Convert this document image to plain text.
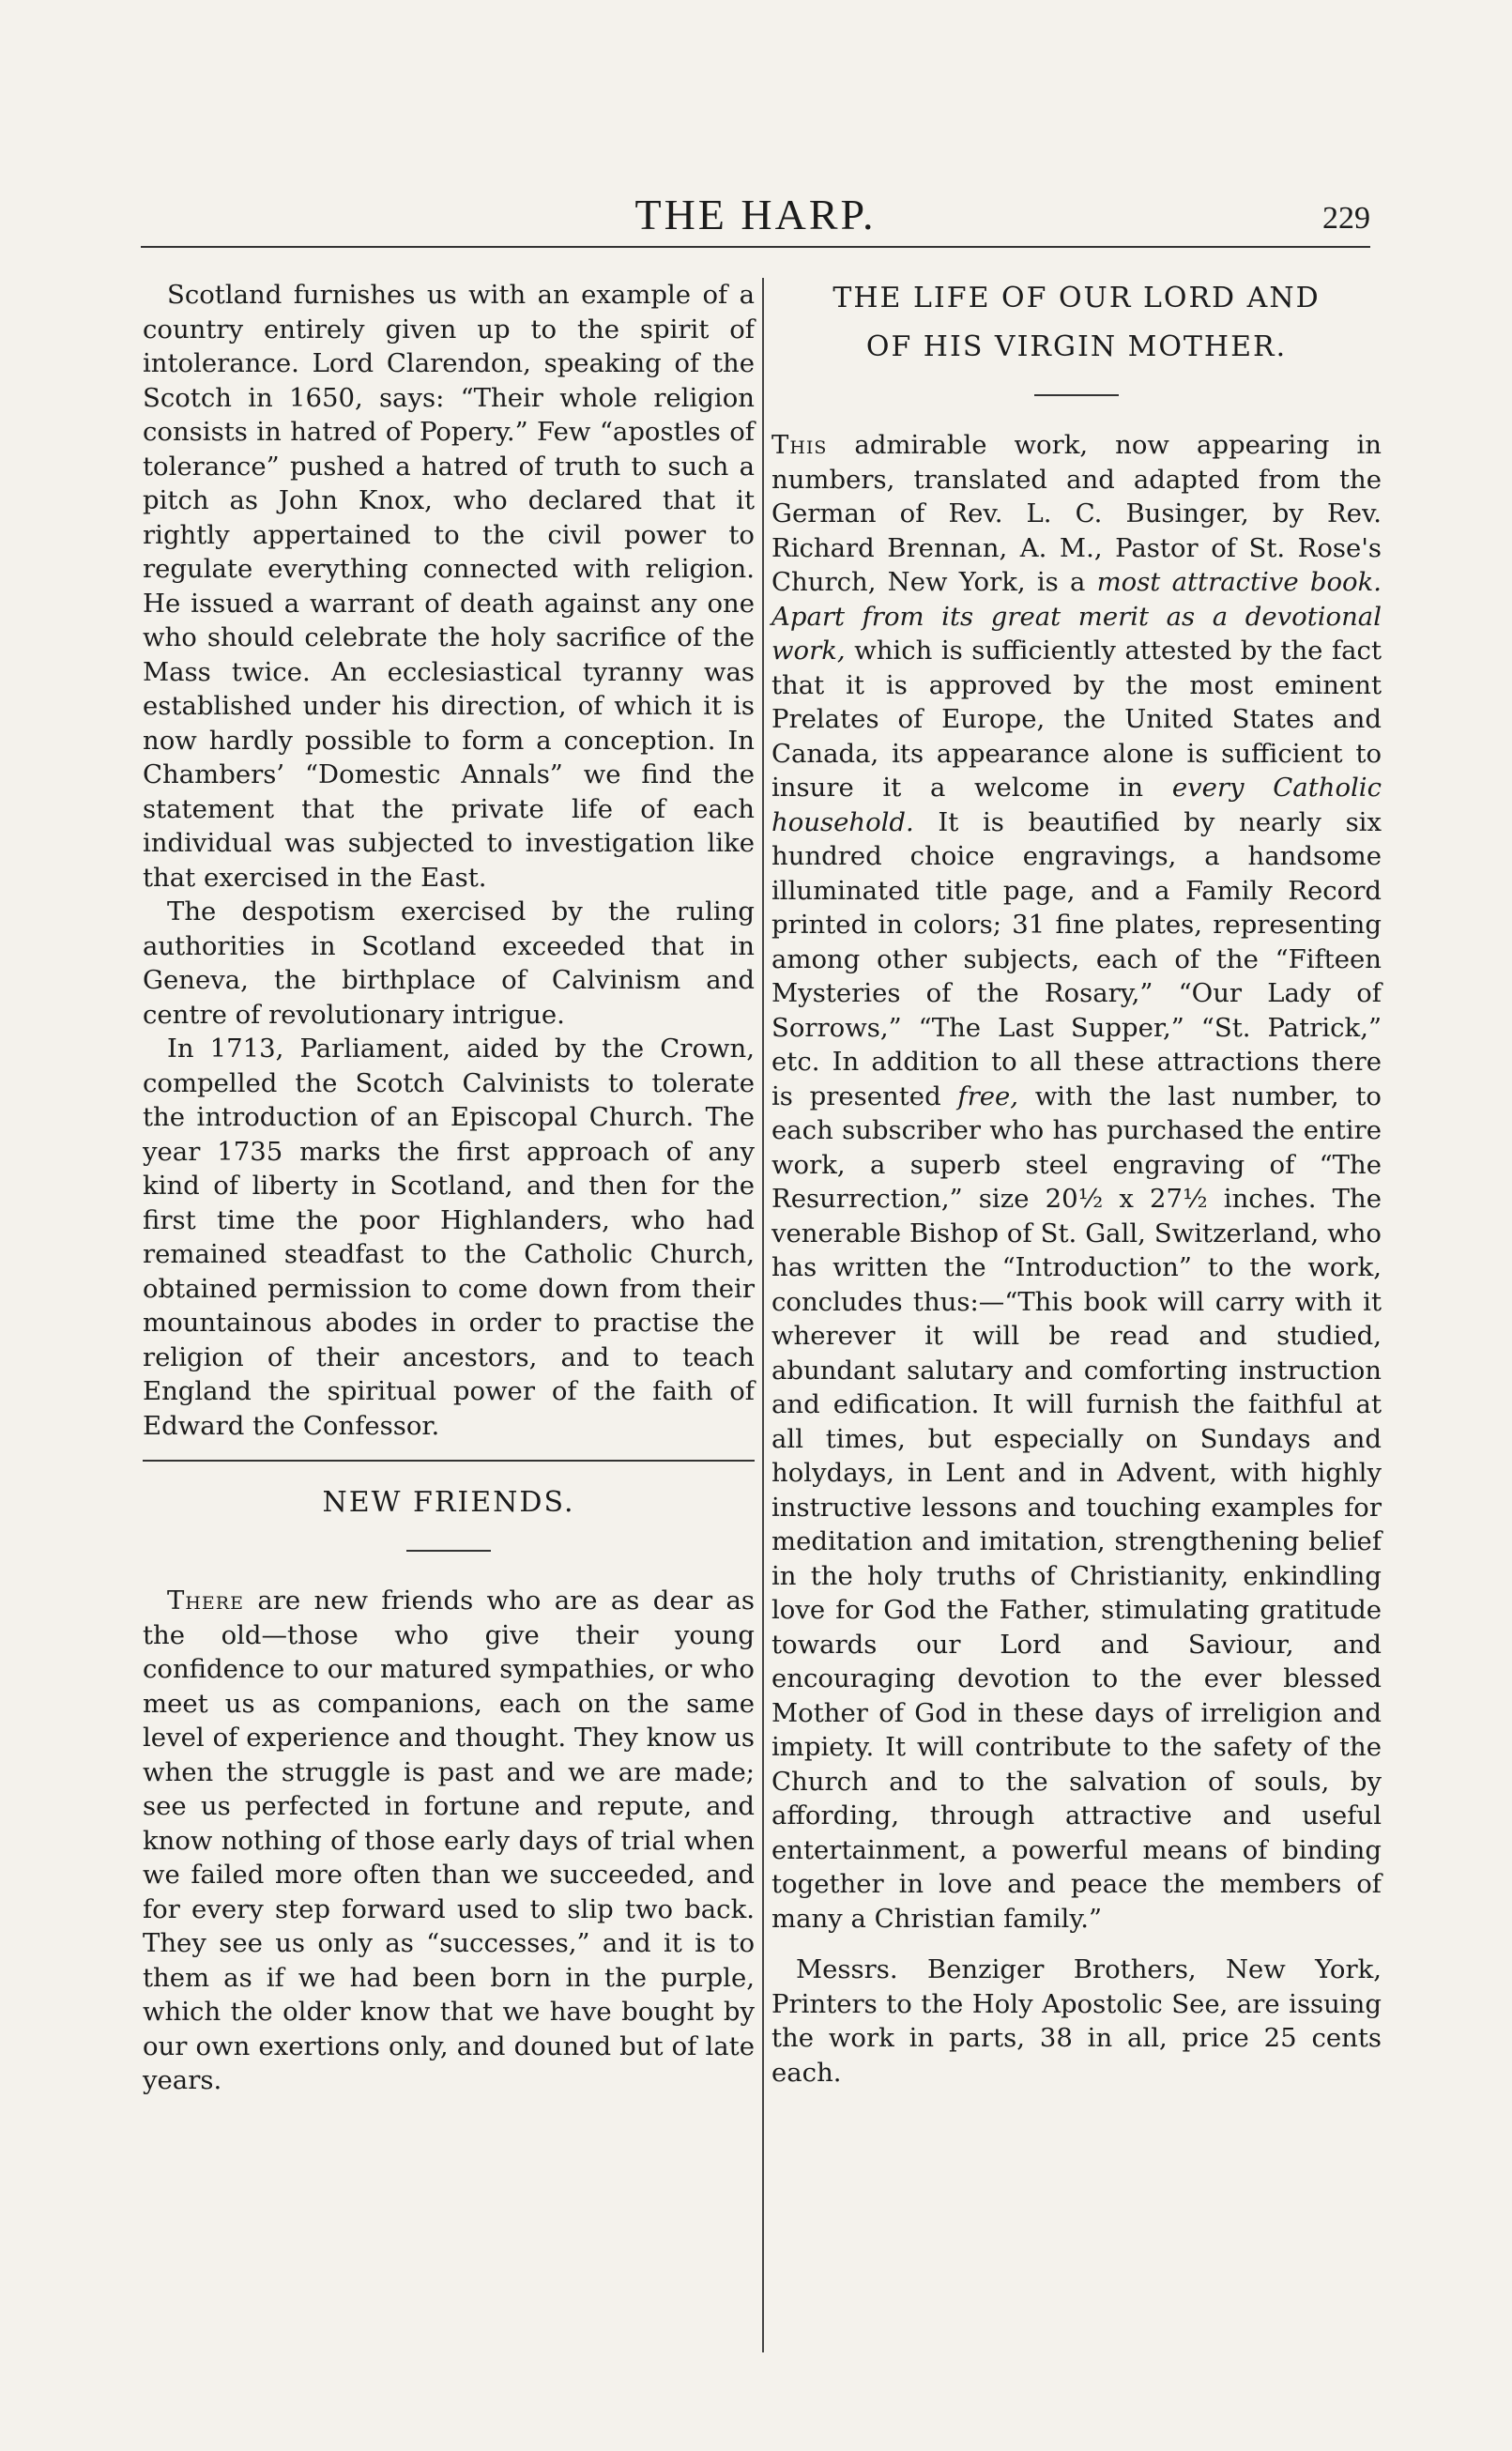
THE HARP.	229

Scotland furnishes us with an example of a country entirely given up to the spirit of intolerance. Lord Clarendon, speaking of the Scotch in 1650, says: “Their whole religion consists in hatred of Popery.” Few “apostles of tolerance” pushed a hatred of truth to such a pitch as John Knox, who declared that it rightly appertained to the civil power to regulate everything connected with religion. He issued a warrant of death against any one who should celebrate the holy sacrifice of the Mass twice. An ecclesiastical tyranny was established under his direction, of which it is now hardly possible to form a conception. In Chambers’ “Domestic Annals” we find the statement that the private life of each individual was subjected to investigation like that exercised in the East.

The despotism exercised by the ruling authorities in Scotland exceeded that in Geneva, the birthplace of Calvinism and centre of revolutionary intrigue.

In 1713, Parliament, aided by the Crown, compelled the Scotch Calvinists to tolerate the introduction of an Episcopal Church. The year 1735 marks the first approach of any kind of liberty in Scotland, and then for the first time the poor Highlanders, who had remained steadfast to the Catholic Church, obtained permission to come down from their mountainous abodes in order to practise the religion of their ancestors, and to teach England the spiritual power of the faith of Edward the Confessor.

NEW FRIENDS.

There are new friends who are as dear as the old—those who give their young confidence to our matured sympathies, or who meet us as companions, each on the same level of experience and thought. They know us when the struggle is past and we are made; see us perfected in fortune and repute, and know nothing of those early days of trial when we failed more often than we succeeded, and for every step forward used to slip two back. They see us only as “successes,” and it is to them as if we had been born in the purple, which the older know that we have bought by our own exertions only, and douned but of late years.

THE LIFE OF OUR LORD AND

OF HIS VIRGIN MOTHER.

This admirable work, now appearing in numbers, translated and adapted from the German of Rev. L. C. Businger, by Rev. Richard Brennan, A. M., Pastor of St. Rose's Church, New York, is a most attractive book. Apart from its great merit as a devotional work, which is sufficiently attested by the fact that it is approved by the most eminent Prelates of Europe, the United States and Canada, its appearance alone is sufficient to insure it a welcome in every Catholic household. It is beautified by nearly six hundred choice engravings, a handsome illuminated title page, and a Family Record printed in colors; 31 fine plates, representing among other subjects, each of the “Fifteen Mysteries of the Rosary,” “Our Lady of Sorrows,” “The Last Supper,” “St. Patrick,” etc. In addition to all these attractions there is presented free, with the last number, to each subscriber who has purchased the entire work, a superb steel engraving of “The Resurrection,” size 20½ x 27½ inches. The venerable Bishop of St. Gall, Switzerland, who has written the “Introduction” to the work, concludes thus:—“This book will carry with it wherever it will be read and studied, abundant salutary and comforting instruction and edification. It will furnish the faithful at all times, but especially on Sundays and holydays, in Lent and in Advent, with highly instructive lessons and touching examples for meditation and imitation, strengthening belief in the holy truths of Christianity, enkindling love for God the Father, stimulating gratitude towards our Lord and Saviour, and encouraging devotion to the ever blessed Mother of God in these days of irreligion and impiety. It will contribute to the safety of the Church and to the salvation of souls, by affording, through attractive and useful entertainment, a powerful means of binding together in love and peace the members of many a Christian family.”

Messrs. Benziger Brothers, New York, Printers to the Holy Apostolic See, are issuing the work in parts, 38 in all, price 25 cents each.
